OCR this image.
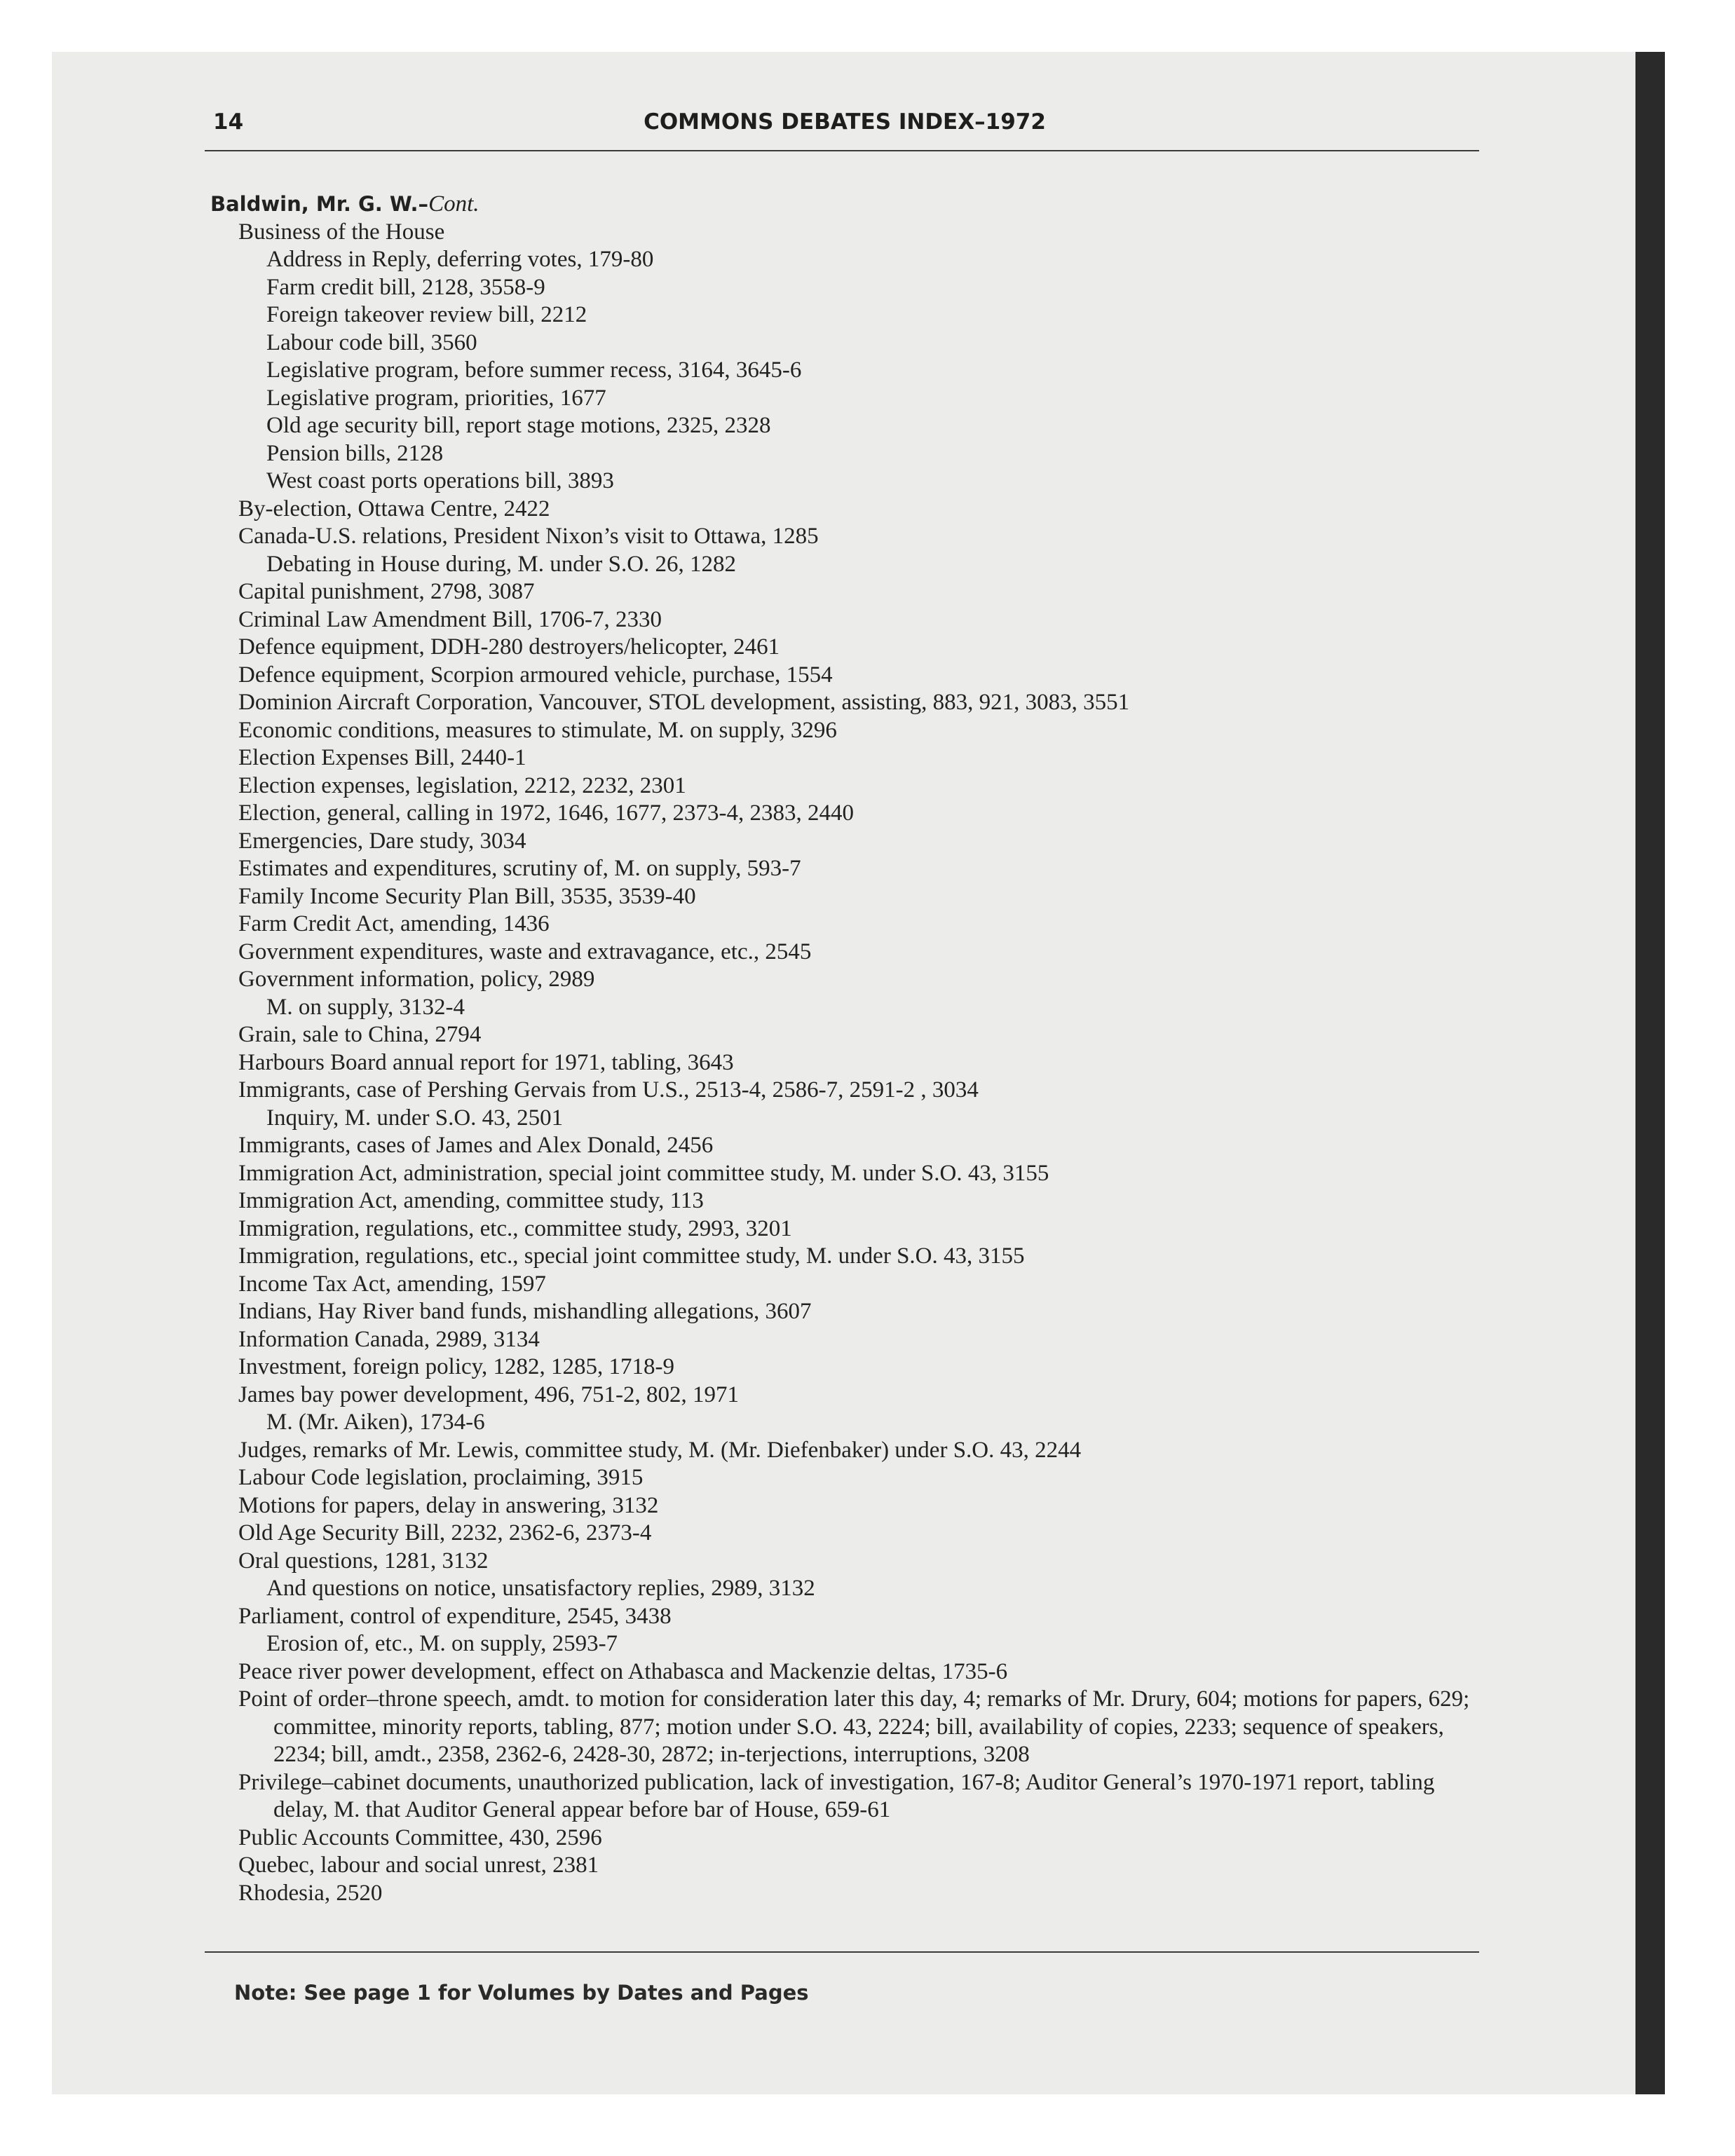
14	COMMONS DEBATES INDEX–1972
Baldwin, Mr. G. W.–Cont.
Business of the House
Address in Reply, deferring votes, 179-80
Farm credit bill, 2128, 3558-9
Foreign takeover review bill, 2212
Labour code bill, 3560
Legislative program, before summer recess, 3164, 3645-6
Legislative program, priorities, 1677
Old age security bill, report stage motions, 2325, 2328
Pension bills, 2128
West coast ports operations bill, 3893
By-election, Ottawa Centre, 2422
Canada-U.S. relations, President Nixon’s visit to Ottawa, 1285
Debating in House during, M. under S.O. 26, 1282
Capital punishment, 2798, 3087
Criminal Law Amendment Bill, 1706-7, 2330
Defence equipment, DDH-280 destroyers/helicopter, 2461
Defence equipment, Scorpion armoured vehicle, purchase, 1554
Dominion Aircraft Corporation, Vancouver, STOL development, assisting, 883, 921, 3083, 3551
Economic conditions, measures to stimulate, M. on supply, 3296
Election Expenses Bill, 2440-1
Election expenses, legislation, 2212, 2232, 2301
Election, general, calling in 1972, 1646, 1677, 2373-4, 2383, 2440
Emergencies, Dare study, 3034
Estimates and expenditures, scrutiny of, M. on supply, 593-7
Family Income Security Plan Bill, 3535, 3539-40
Farm Credit Act, amending, 1436
Government expenditures, waste and extravagance, etc., 2545
Government information, policy, 2989
M. on supply, 3132-4
Grain, sale to China, 2794
Harbours Board annual report for 1971, tabling, 3643
Immigrants, case of Pershing Gervais from U.S., 2513-4, 2586-7, 2591-2 , 3034
Inquiry, M. under S.O. 43, 2501
Immigrants, cases of James and Alex Donald, 2456
Immigration Act, administration, special joint committee study, M. under S.O. 43, 3155
Immigration Act, amending, committee study, 113
Immigration, regulations, etc., committee study, 2993, 3201
Immigration, regulations, etc., special joint committee study, M. under S.O. 43, 3155
Income Tax Act, amending, 1597
Indians, Hay River band funds, mishandling allegations, 3607
Information Canada, 2989, 3134
Investment, foreign policy, 1282, 1285, 1718-9
James bay power development, 496, 751-2, 802, 1971
M. (Mr. Aiken), 1734-6
Judges, remarks of Mr. Lewis, committee study, M. (Mr. Diefenbaker) under S.O. 43, 2244
Labour Code legislation, proclaiming, 3915
Motions for papers, delay in answering, 3132
Old Age Security Bill, 2232, 2362-6, 2373-4
Oral questions, 1281, 3132
And questions on notice, unsatisfactory replies, 2989, 3132
Parliament, control of expenditure, 2545, 3438
Erosion of, etc., M. on supply, 2593-7
Peace river power development, effect on Athabasca and Mackenzie deltas, 1735-6
Point of order–throne speech, amdt. to motion for consideration later this day, 4; remarks of Mr. Drury, 604; motions for papers, 629; committee, minority reports, tabling, 877; motion under S.O. 43, 2224; bill, availability of copies, 2233; sequence of speakers, 2234; bill, amdt., 2358, 2362-6, 2428-30, 2872; in-terjections, interruptions, 3208
Privilege–cabinet documents, unauthorized publication, lack of investigation, 167-8; Auditor General’s 1970-1971 report, tabling delay, M. that Auditor General appear before bar of House, 659-61
Public Accounts Committee, 430, 2596
Quebec, labour and social unrest, 2381
Rhodesia, 2520
Note: See page 1 for Volumes by Dates and Pages
